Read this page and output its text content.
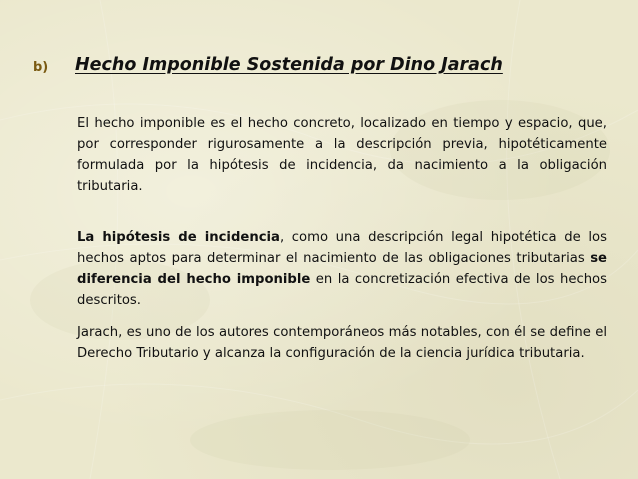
b) Hecho Imponible Sostenida por Dino Jarach
El hecho imponible es el hecho concreto, localizado en tiempo y espacio, que, por corresponder rigurosamente a la descripción previa, hipotéticamente formulada por la hipótesis de incidencia, da nacimiento a la obligación tributaria.
La hipótesis de incidencia, como una descripción legal hipotética de los hechos aptos para determinar el nacimiento de las obligaciones tributarias se diferencia del hecho imponible en la concretización efectiva de los hechos descritos.
Jarach, es uno de los autores contemporáneos más notables, con él se define el Derecho Tributario y alcanza la configuración de la ciencia jurídica tributaria.
